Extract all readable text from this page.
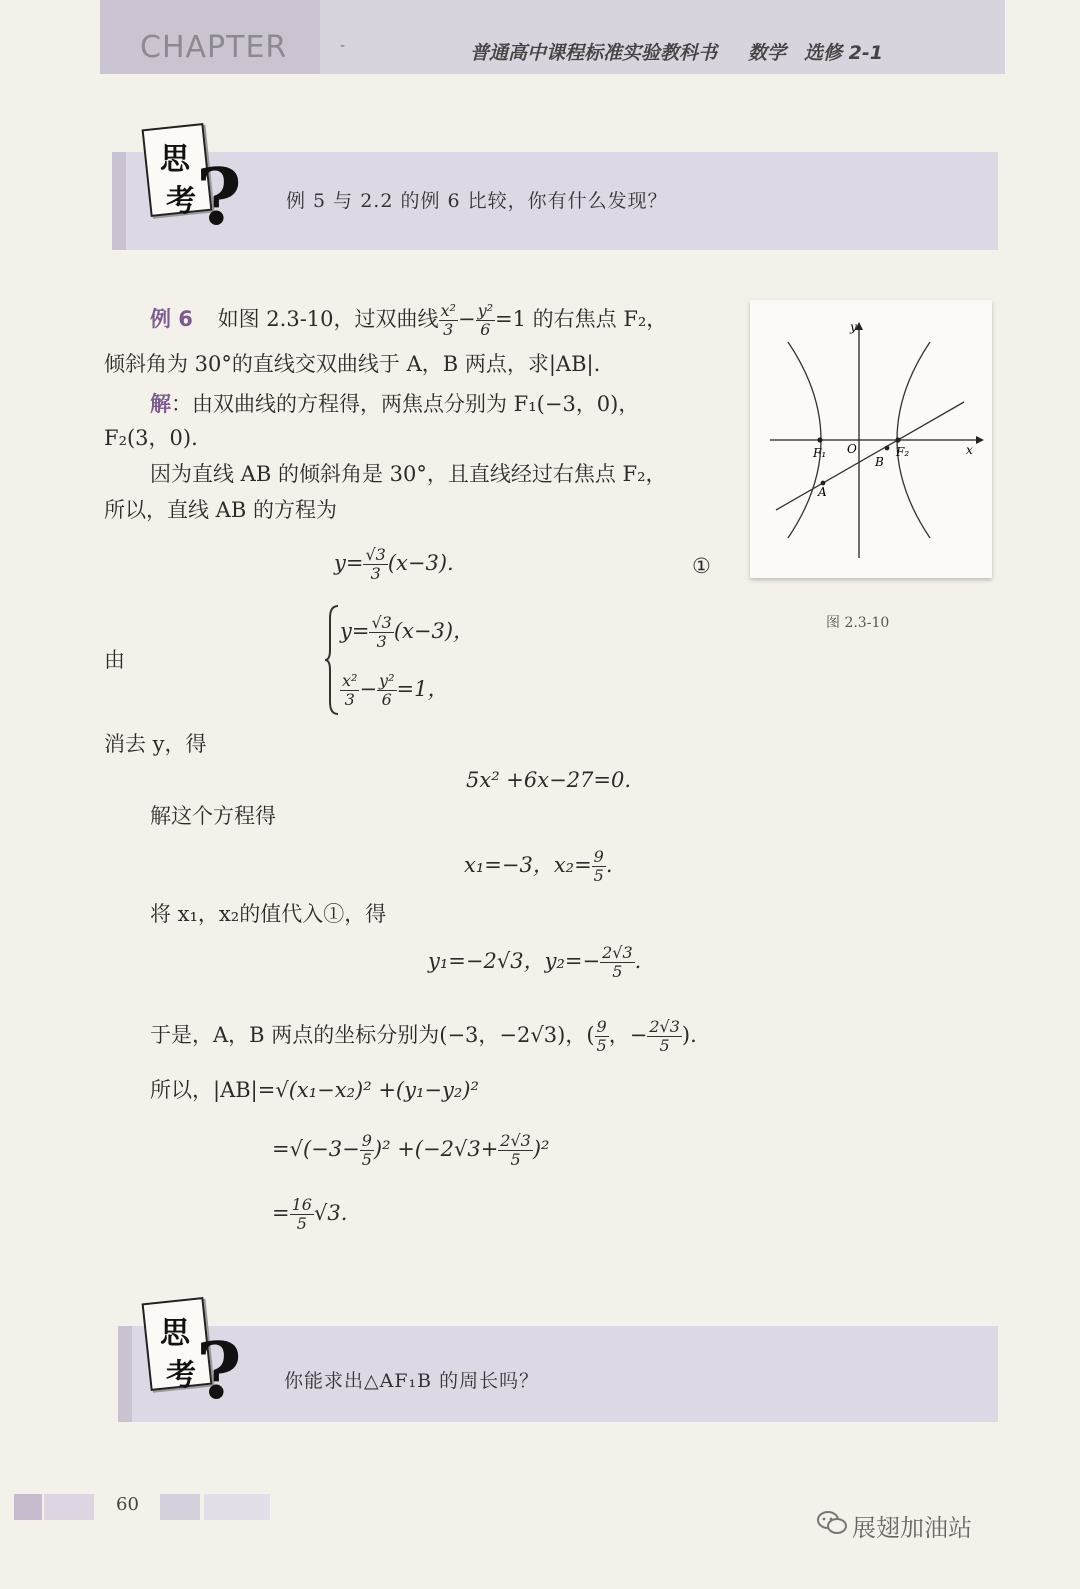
CHAPTER	-	普通高中课程标准实验教科书 数学 选修 2-1
思
考 ? 例 5 与 2.2 的例 6 比较，你有什么发现？
例 6 如图 2.3-10，过双曲线 $\frac{\text{x²}}{3} - \frac{\text{y²}}{6} =1$ 的右焦点 F₂，
倾斜角为 30°的直线交双曲线于 A，B 两点，求|AB|.
解：由双曲线的方程得，两焦点分别为 F₁(−3，0)，
F₂(3，0).
因为直线 AB 的倾斜角是 30°，且直线经过右焦点 F₂，
所以，直线 AB 的方程为
$y= \frac{√3}{3} (x-3)$.	①
由
$y= \frac{√3}{3} (x-3)$，
$\frac{\text{x²}}{3} - \frac{\text{y²}}{6} =1$，
消去 y，得
5x² +6x−27=0.
解这个方程得
x₁=−3，$x_2= \frac{9}{5}$ .
将 x₁，x₂的值代入①，得
y₁=−2√3，$y_2=- \frac{2√3}{5}$ .
于是，A，B 两点的坐标分别为(−3，−2√3)，( $\frac{9}{5}$ ，− $\frac{2√3}{5}$ ).
所以，|AB|=√(x₁−x₂)² +(y₁−y₂)²
$=√(-3- \frac{9}{5} )^2 +(-2√3+ \frac{2√3}{5} )^2$
= $\frac{16}{5} √3$.
y
x
O
F₁	F₂
A
B
图 2.3-10
思
考 ? 你能求出△AF₁B 的周长吗？
60
展翅加油站
